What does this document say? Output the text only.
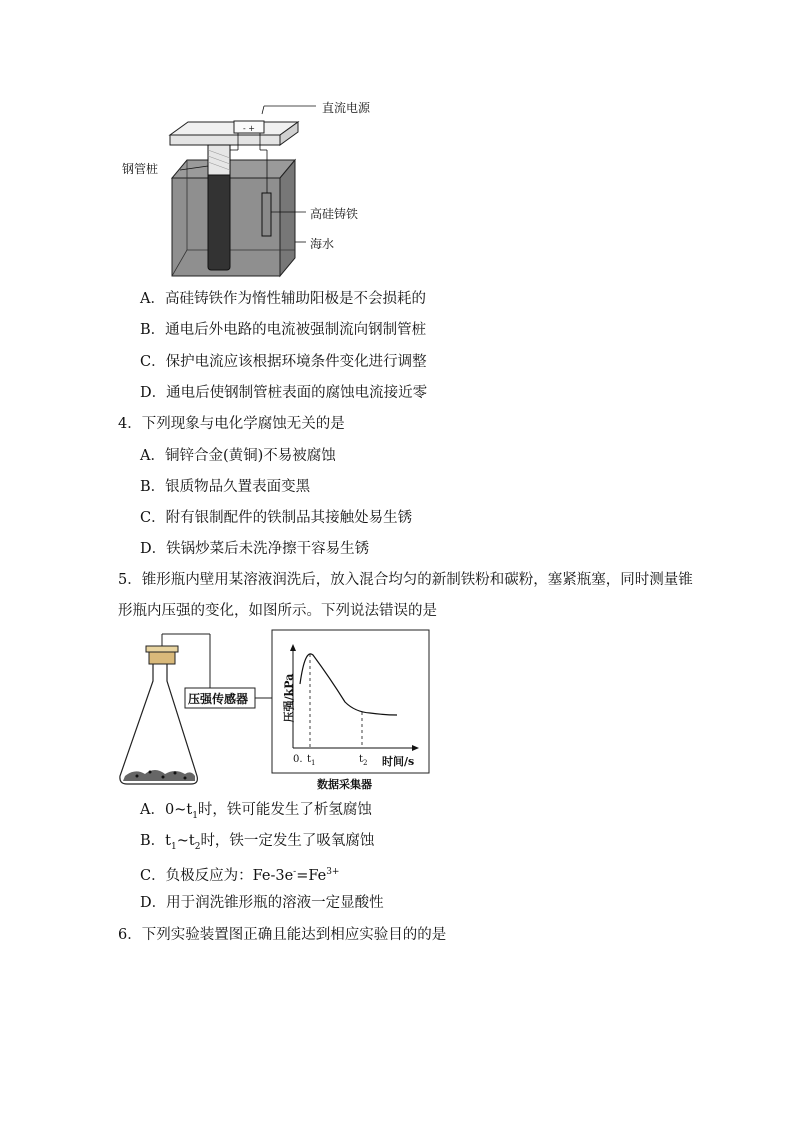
- +
直流电源
钢管桩
高硅铸铁
海水
A．高硅铸铁作为惰性辅助阳极是不会损耗的
B．通电后外电路的电流被强制流向钢制管桩
C．保护电流应该根据环境条件变化进行调整
D．通电后使钢制管桩表面的腐蚀电流接近零
4．下列现象与电化学腐蚀无关的是
A．铜锌合金(黄铜)不易被腐蚀
B．银质物品久置表面变黑
C．附有银制配件的铁制品其接触处易生锈
D．铁锅炒菜后未洗净擦干容易生锈
5．锥形瓶内壁用某溶液润洗后，放入混合均匀的新制铁粉和碳粉，塞紧瓶塞，同时测量锥
形瓶内压强的变化，如图所示。下列说法错误的是
压强传感器	压强/kPa
0. $t_1$	$t_2$ 时间/s
数据采集器
A．$0\sim t_1$时，铁可能发生了析氢腐蚀
B．$t_1\sim t_2$时，铁一定发生了吸氧腐蚀
C．负极反应为：$Fe-3e^-=Fe^{3+}$
D．用于润洗锥形瓶的溶液一定显酸性
6．下列实验装置图正确且能达到相应实验目的的是
